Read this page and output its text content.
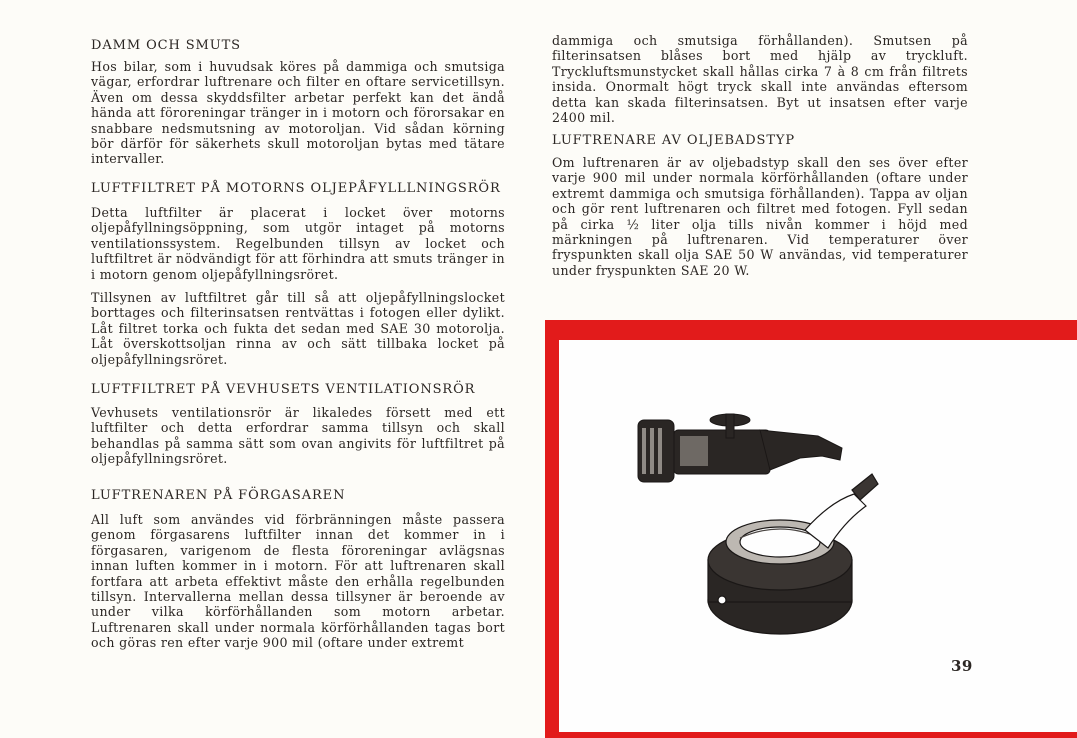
DAMM OCH SMUTS

Hos bilar, som i huvudsak köres på dammiga och smutsiga vägar, erfordrar luftrenare och filter en oftare servicetillsyn. Även om dessa skyddsfilter arbetar perfekt kan det ändå hända att föroreningar tränger in i motorn och förorsakar en snabbare nedsmutsning av motoroljan. Vid sådan körning bör därför för säkerhets skull motoroljan bytas med tätare intervaller.

LUFTFILTRET PÅ MOTORNS OLJEPÅFYLLLNINGSRÖR

Detta luftfilter är placerat i locket över motorns oljepåfyllningsöppning, som utgör intaget på motorns ventilationssystem. Regelbunden tillsyn av locket och luftfiltret är nödvändigt för att förhindra att smuts tränger in i motorn genom oljepåfyllningsröret.

Tillsynen av luftfiltret går till så att oljepåfyllningslocket borttages och filterinsatsen rentvättas i fotogen eller dylikt. Låt filtret torka och fukta det sedan med SAE 30 motorolja. Låt överskottsoljan rinna av och sätt tillbaka locket på oljepåfyllningsröret.

LUFTFILTRET PÅ VEVHUSETS VENTILATIONSRÖR

Vevhusets ventilationsrör är likaledes försett med ett luftfilter och detta erfordrar samma tillsyn och skall behandlas på samma sätt som ovan angivits för luftfiltret på oljepåfyllningsröret.

LUFTRENAREN PÅ FÖRGASAREN

All luft som användes vid förbränningen måste passera genom förgasarens luftfilter innan det kommer in i förgasaren, varigenom de flesta föroreningar avlägsnas innan luften kommer in i motorn. För att luftrenaren skall fortfara att arbeta effektivt måste den erhålla regelbunden tillsyn. Intervallerna mellan dessa tillsyner är beroende av under vilka körförhållanden som motorn arbetar. Luftrenaren skall under normala körförhållanden tagas bort och göras ren efter varje 900 mil (oftare under extremt

dammiga och smutsiga förhållanden). Smutsen på filterinsatsen blåses bort med hjälp av tryckluft. Tryckluftsmunstycket skall hållas cirka 7 à 8 cm från filtrets insida. Onormalt högt tryck skall inte användas eftersom detta kan skada filterinsatsen. Byt ut insatsen efter varje 2400 mil.

LUFTRENARE AV OLJEBADSTYP

Om luftrenaren är av oljebadstyp skall den ses över efter varje 900 mil under normala körförhållanden (oftare under extremt dammiga och smutsiga förhållanden). Tappa av oljan och gör rent luftrenaren och filtret med fotogen. Fyll sedan på cirka ½ liter olja tills nivån kommer i höjd med märkningen på luftrenaren. Vid temperaturer över fryspunkten skall olja SAE 50 W användas, vid temperaturer under fryspunkten SAE 20 W.

39
